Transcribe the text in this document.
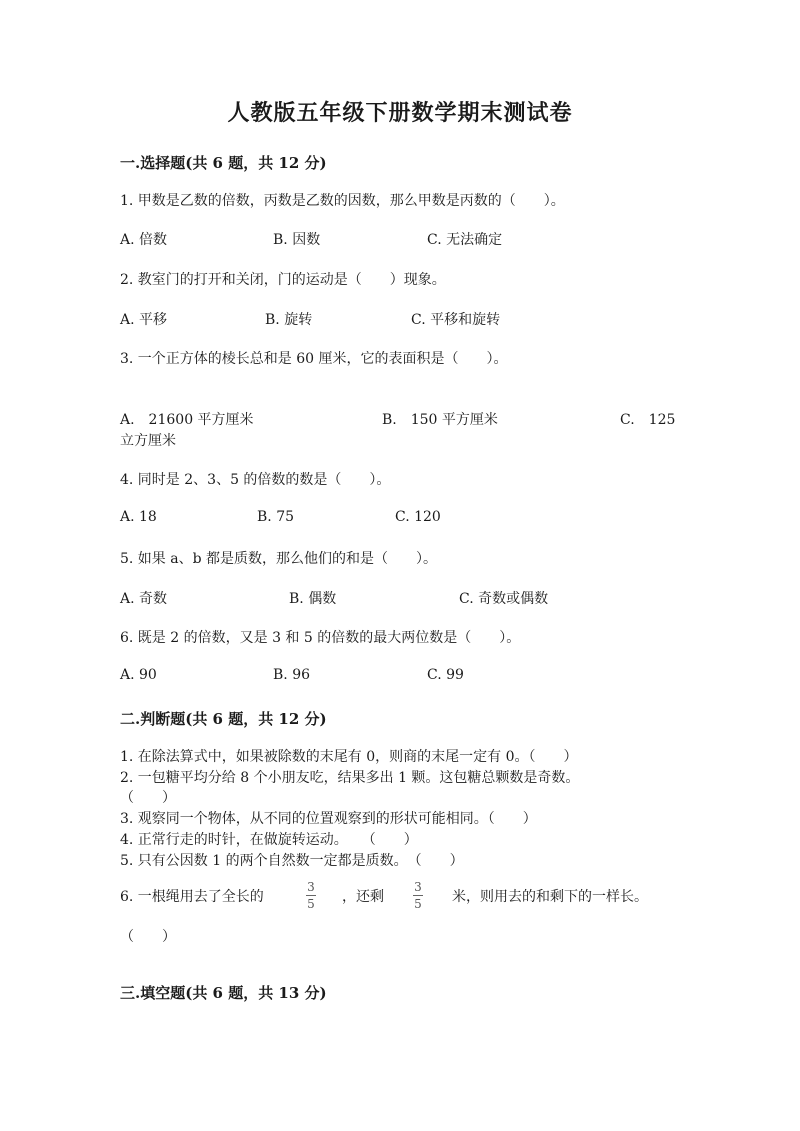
人教版五年级下册数学期末测试卷
一.选择题(共 6 题，共 12 分)
1. 甲数是乙数的倍数，丙数是乙数的因数，那么甲数是丙数的（　　）。
A. 倍数	B. 因数	C. 无法确定
2. 教室门的打开和关闭，门的运动是（　　）现象。
A. 平移	B. 旋转	C. 平移和旋转
3. 一个正方体的棱长总和是 60 厘米，它的表面积是（　　）。
A.　21600 平方厘米	B.　150 平方厘米	C.　125
立方厘米
4. 同时是 2、3、5 的倍数的数是（　　）。
A. 18	B. 75	C. 120
5. 如果 a、b 都是质数，那么他们的和是（　　）。
A. 奇数	B. 偶数	C. 奇数或偶数
6. 既是 2 的倍数，又是 3 和 5 的倍数的最大两位数是（　　）。
A. 90	B. 96	C. 99
二.判断题(共 6 题，共 12 分)
1. 在除法算式中，如果被除数的末尾有 0，则商的末尾一定有 0。（　　）
2. 一包糖平均分给 8 个小朋友吃，结果多出 1 颗。这包糖总颗数是奇数。
（　　）
3. 观察同一个物体，从不同的位置观察到的形状可能相同。（　　）
4. 正常行走的时针，在做旋转运动。　　（　　）
5. 只有公因数 1 的两个自然数一定都是质数。　（　　）
6. 一根绳用去了全长的
3
5 ，还剩
3
5 米，则用去的和剩下的一样长。
（　　）
三.填空题(共 6 题，共 13 分)
